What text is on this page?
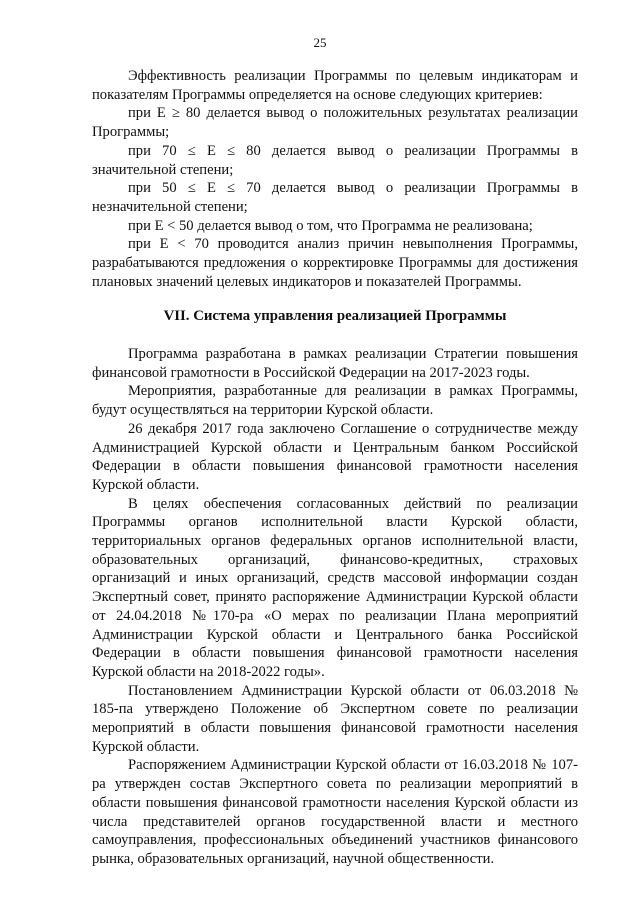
25

Эффективность реализации Программы по целевым индикаторам и показателям Программы определяется на основе следующих критериев:

при E ≥ 80 делается вывод о положительных результатах реализации Программы;

при 70 ≤ E ≤ 80 делается вывод о реализации Программы в значительной степени;

при 50 ≤ E ≤ 70 делается вывод о реализации Программы в незначительной степени;

при E < 50 делается вывод о том, что Программа не реализована;

при E < 70 проводится анализ причин невыполнения Программы, разрабатываются предложения о корректировке Программы для достижения плановых значений целевых индикаторов и показателей Программы.

VII. Система управления реализацией Программы

Программа разработана в рамках реализации Стратегии повышения финансовой грамотности в Российской Федерации на 2017-2023 годы.

Мероприятия, разработанные для реализации в рамках Программы, будут осуществляться на территории Курской области.

26 декабря 2017 года заключено Соглашение о сотрудничестве между Администрацией Курской области и Центральным банком Российской Федерации в области повышения финансовой грамотности населения Курской области.

В целях обеспечения согласованных действий по реализации Программы органов исполнительной власти Курской области, территориальных органов федеральных органов исполнительной власти, образовательных организаций, финансово-кредитных, страховых организаций и иных организаций, средств массовой информации создан Экспертный совет, принято распоряжение Администрации Курской области от 24.04.2018 №170-ра «О мерах по реализации Плана мероприятий Администрации Курской области и Центрального банка Российской Федерации в области повышения финансовой грамотности населения Курской области на 2018-2022 годы».

Постановлением Администрации Курской области от 06.03.2018 № 185-па утверждено Положение об Экспертном совете по реализации мероприятий в области повышения финансовой грамотности населения Курской области.

Распоряжением Администрации Курской области от 16.03.2018 № 107-ра утвержден состав Экспертного совета по реализации мероприятий в области повышения финансовой грамотности населения Курской области из числа представителей органов государственной власти и местного самоуправления, профессиональных объединений участников финансового рынка, образовательных организаций, научной общественности.
